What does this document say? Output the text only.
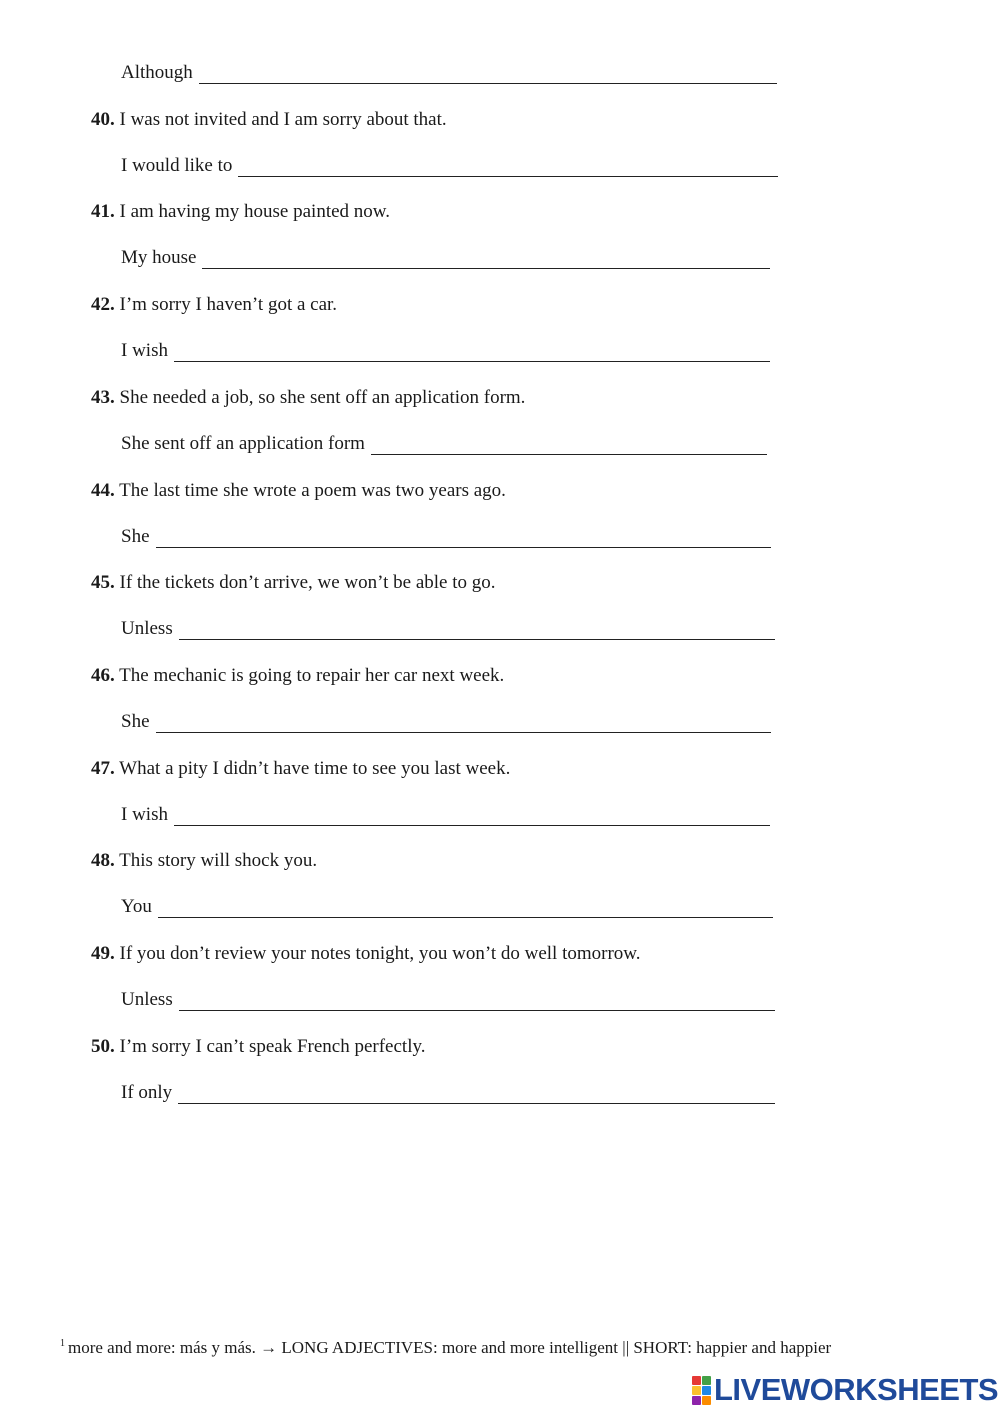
Although
40. I was not invited and I am sorry about that.
I would like to
41. I am having my house painted now.
My house
42. I’m sorry I haven’t got a car.
I wish
43. She needed a job, so she sent off an application form.
She sent off an application form
44. The last time she wrote a poem was two years ago.
She
45. If the tickets don’t arrive, we won’t be able to go.
Unless
46. The mechanic is going to repair her car next week.
She
47. What a pity I didn’t have time to see you last week.
I wish
48. This story will shock you.
You
49. If you don’t review your notes tonight, you won’t do well tomorrow.
Unless
50. I’m sorry I can’t speak French perfectly.
If only
$^1$ more and more: más y más. → LONG ADJECTIVES: more and more intelligent || SHORT: happier and happier
LIVEWORKSHEETS
